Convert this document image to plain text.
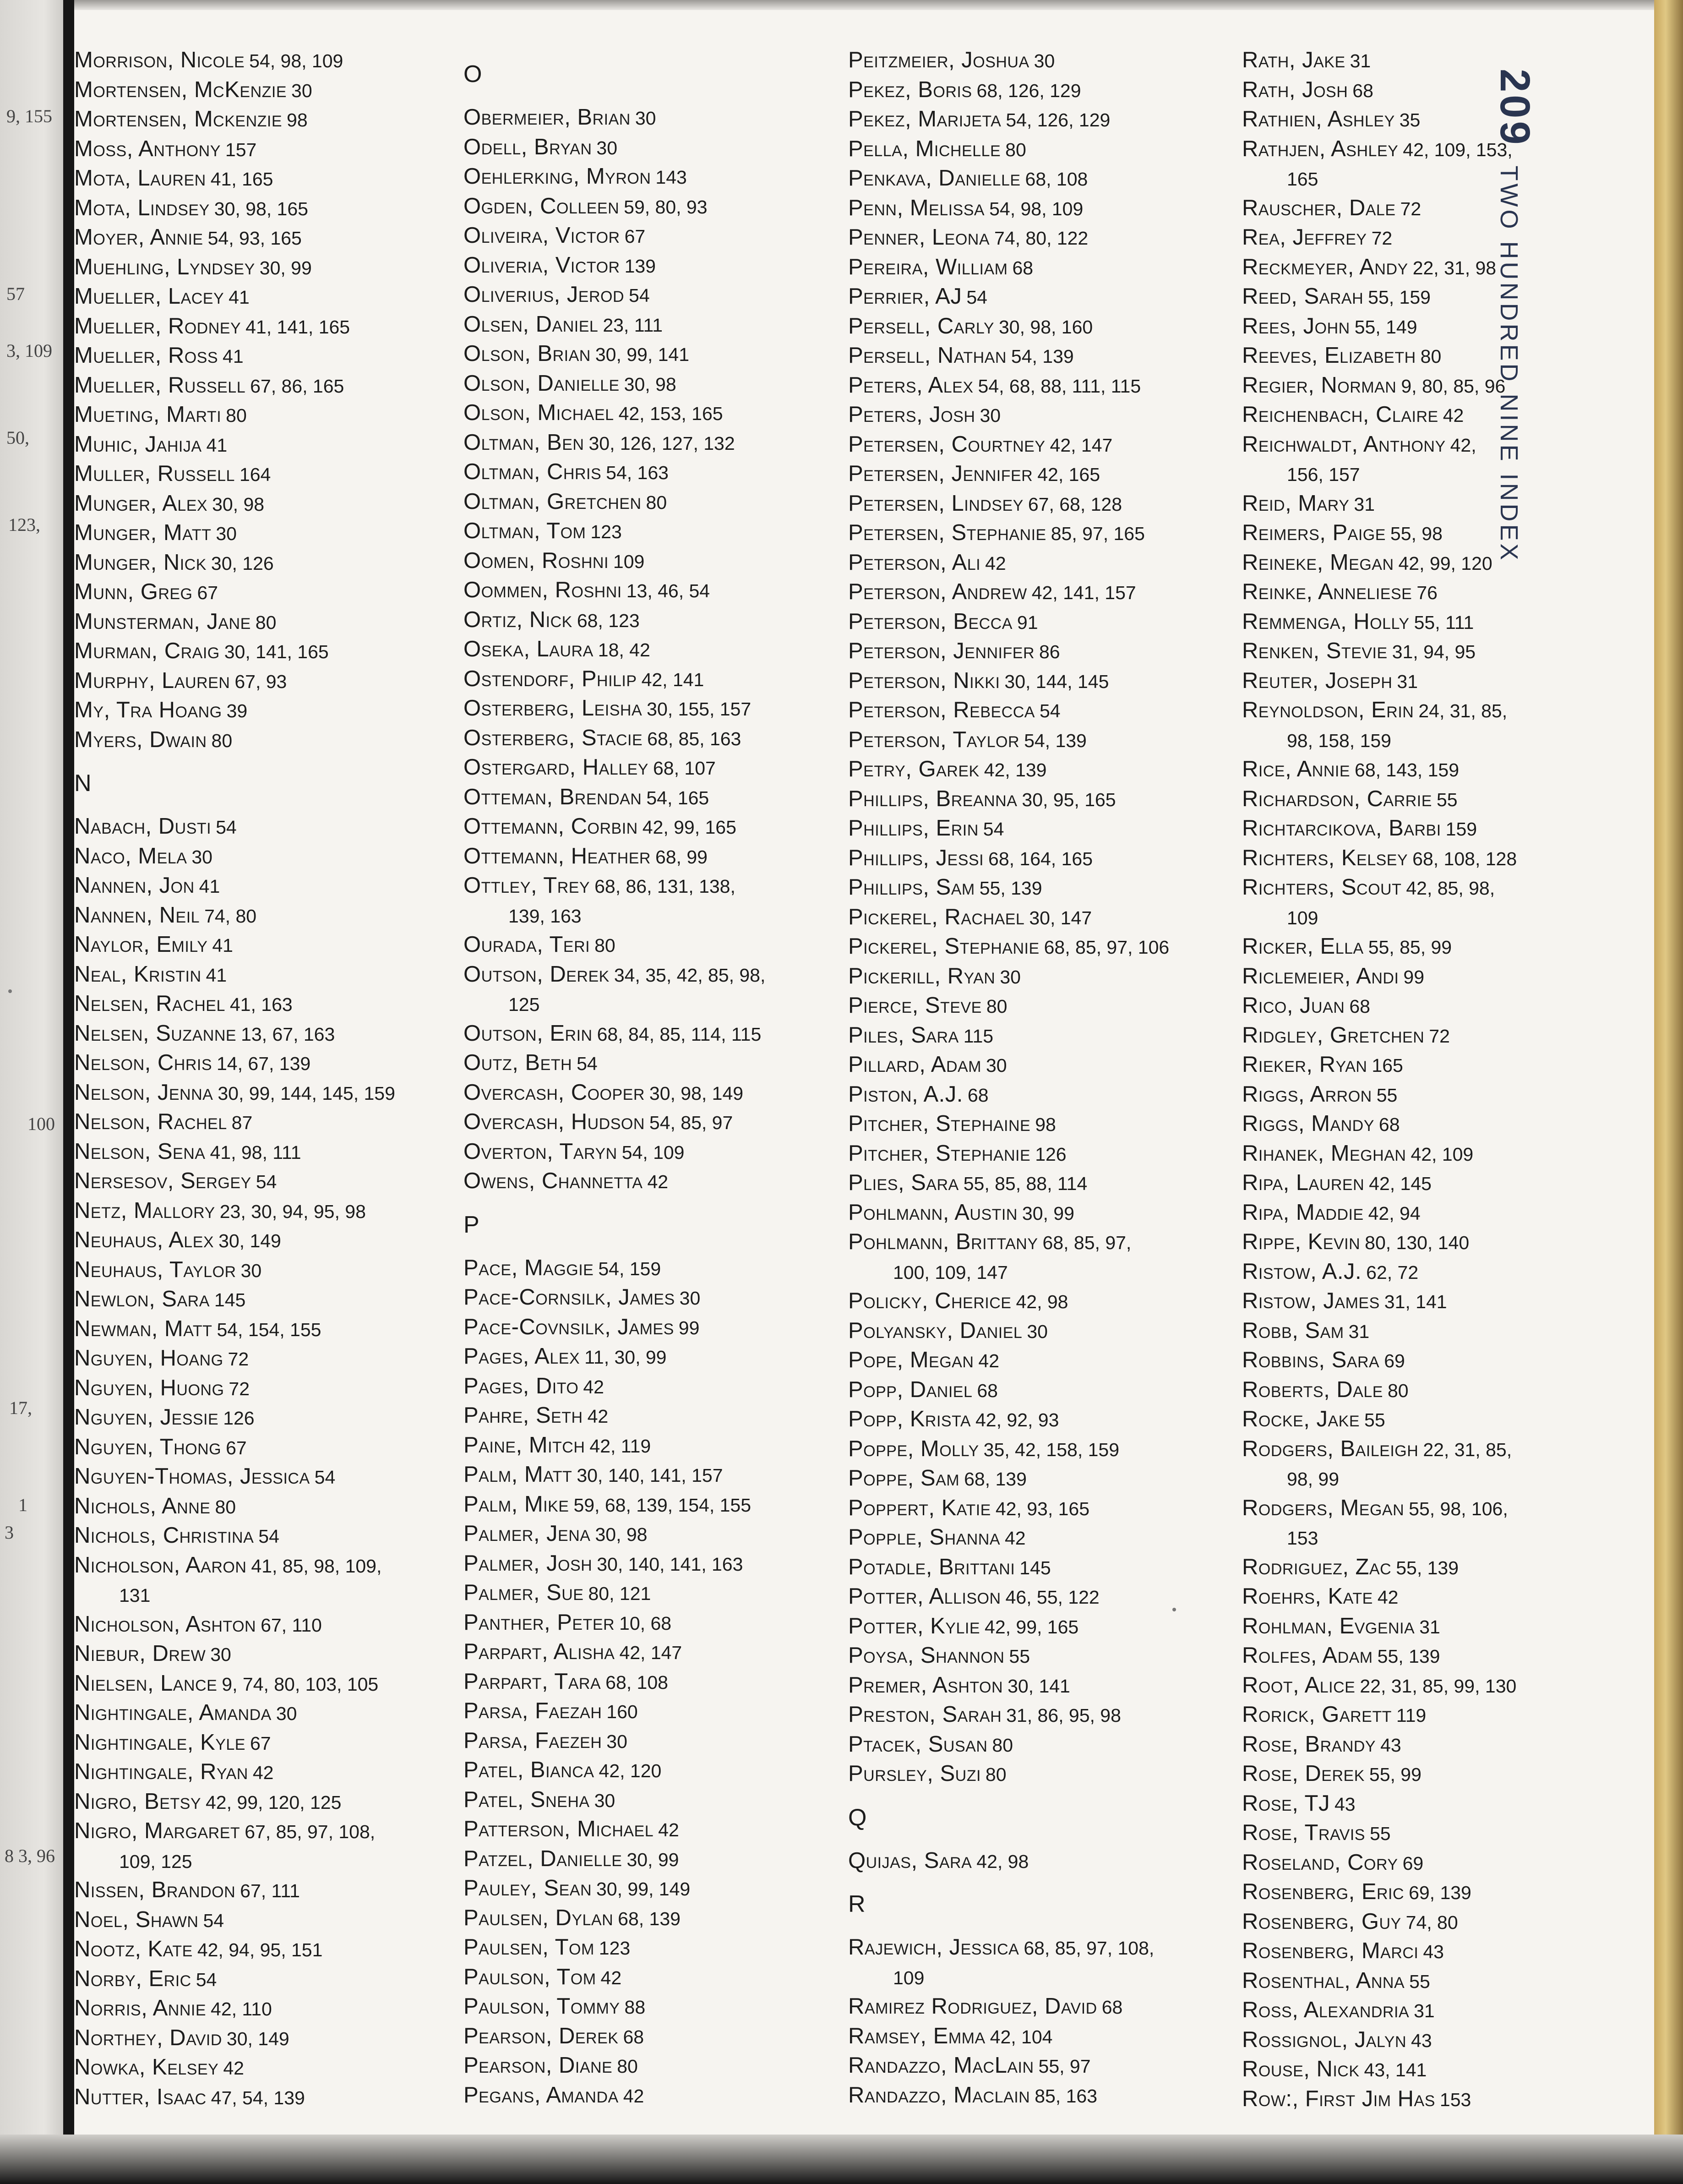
9, 155
57
3, 109
50,
123,
100
17,
1
3
8 3, 96
Morrison, Nicole 54, 98, 109
Mortensen, McKenzie 30
Mortensen, Mckenzie 98
Moss, Anthony 157
Mota, Lauren 41, 165
Mota, Lindsey 30, 98, 165
Moyer, Annie 54, 93, 165
Muehling, Lyndsey 30, 99
Mueller, Lacey 41
Mueller, Rodney 41, 141, 165
Mueller, Ross 41
Mueller, Russell 67, 86, 165
Mueting, Marti 80
Muhic, Jahija 41
Muller, Russell 164
Munger, Alex 30, 98
Munger, Matt 30
Munger, Nick 30, 126
Munn, Greg 67
Munsterman, Jane 80
Murman, Craig 30, 141, 165
Murphy, Lauren 67, 93
My, Tra Hoang 39
Myers, Dwain 80
N
Nabach, Dusti 54
Naco, Mela 30
Nannen, Jon 41
Nannen, Neil 74, 80
Naylor, Emily 41
Neal, Kristin 41
Nelsen, Rachel 41, 163
Nelsen, Suzanne 13, 67, 163
Nelson, Chris 14, 67, 139
Nelson, Jenna 30, 99, 144, 145, 159
Nelson, Rachel 87
Nelson, Sena 41, 98, 111
Nersesov, Sergey 54
Netz, Mallory 23, 30, 94, 95, 98
Neuhaus, Alex 30, 149
Neuhaus, Taylor 30
Newlon, Sara 145
Newman, Matt 54, 154, 155
Nguyen, Hoang 72
Nguyen, Huong 72
Nguyen, Jessie 126
Nguyen, Thong 67
Nguyen-Thomas, Jessica 54
Nichols, Anne 80
Nichols, Christina 54
Nicholson, Aaron 41, 85, 98, 109,
131
Nicholson, Ashton 67, 110
Niebur, Drew 30
Nielsen, Lance 9, 74, 80, 103, 105
Nightingale, Amanda 30
Nightingale, Kyle 67
Nightingale, Ryan 42
Nigro, Betsy 42, 99, 120, 125
Nigro, Margaret 67, 85, 97, 108,
109, 125
Nissen, Brandon 67, 111
Noel, Shawn 54
Nootz, Kate 42, 94, 95, 151
Norby, Eric 54
Norris, Annie 42, 110
Northey, David 30, 149
Nowka, Kelsey 42
Nutter, Isaac 47, 54, 139
O
Obermeier, Brian 30
Odell, Bryan 30
Oehlerking, Myron 143
Ogden, Colleen 59, 80, 93
Oliveira, Victor 67
Oliveria, Victor 139
Oliverius, Jerod 54
Olsen, Daniel 23, 111
Olson, Brian 30, 99, 141
Olson, Danielle 30, 98
Olson, Michael 42, 153, 165
Oltman, Ben 30, 126, 127, 132
Oltman, Chris 54, 163
Oltman, Gretchen 80
Oltman, Tom 123
Oomen, Roshni 109
Oommen, Roshni 13, 46, 54
Ortiz, Nick 68, 123
Oseka, Laura 18, 42
Ostendorf, Philip 42, 141
Osterberg, Leisha 30, 155, 157
Osterberg, Stacie 68, 85, 163
Ostergard, Halley 68, 107
Otteman, Brendan 54, 165
Ottemann, Corbin 42, 99, 165
Ottemann, Heather 68, 99
Ottley, Trey 68, 86, 131, 138,
139, 163
Ourada, Teri 80
Outson, Derek 34, 35, 42, 85, 98,
125
Outson, Erin 68, 84, 85, 114, 115
Outz, Beth 54
Overcash, Cooper 30, 98, 149
Overcash, Hudson 54, 85, 97
Overton, Taryn 54, 109
Owens, Channetta 42
P
Pace, Maggie 54, 159
Pace-Cornsilk, James 30
Pace-Covnsilk, James 99
Pages, Alex 11, 30, 99
Pages, Dito 42
Pahre, Seth 42
Paine, Mitch 42, 119
Palm, Matt 30, 140, 141, 157
Palm, Mike 59, 68, 139, 154, 155
Palmer, Jena 30, 98
Palmer, Josh 30, 140, 141, 163
Palmer, Sue 80, 121
Panther, Peter 10, 68
Parpart, Alisha 42, 147
Parpart, Tara 68, 108
Parsa, Faezah 160
Parsa, Faezeh 30
Patel, Bianca 42, 120
Patel, Sneha 30
Patterson, Michael 42
Patzel, Danielle 30, 99
Pauley, Sean 30, 99, 149
Paulsen, Dylan 68, 139
Paulsen, Tom 123
Paulson, Tom 42
Paulson, Tommy 88
Pearson, Derek 68
Pearson, Diane 80
Pegans, Amanda 42
Peitzmeier, Joshua 30
Pekez, Boris 68, 126, 129
Pekez, Marijeta 54, 126, 129
Pella, Michelle 80
Penkava, Danielle 68, 108
Penn, Melissa 54, 98, 109
Penner, Leona 74, 80, 122
Pereira, William 68
Perrier, AJ 54
Persell, Carly 30, 98, 160
Persell, Nathan 54, 139
Peters, Alex 54, 68, 88, 111, 115
Peters, Josh 30
Petersen, Courtney 42, 147
Petersen, Jennifer 42, 165
Petersen, Lindsey 67, 68, 128
Petersen, Stephanie 85, 97, 165
Peterson, Ali 42
Peterson, Andrew 42, 141, 157
Peterson, Becca 91
Peterson, Jennifer 86
Peterson, Nikki 30, 144, 145
Peterson, Rebecca 54
Peterson, Taylor 54, 139
Petry, Garek 42, 139
Phillips, Breanna 30, 95, 165
Phillips, Erin 54
Phillips, Jessi 68, 164, 165
Phillips, Sam 55, 139
Pickerel, Rachael 30, 147
Pickerel, Stephanie 68, 85, 97, 106
Pickerill, Ryan 30
Pierce, Steve 80
Piles, Sara 115
Pillard, Adam 30
Piston, A.J. 68
Pitcher, Stephaine 98
Pitcher, Stephanie 126
Plies, Sara 55, 85, 88, 114
Pohlmann, Austin 30, 99
Pohlmann, Brittany 68, 85, 97,
100, 109, 147
Policky, Cherice 42, 98
Polyansky, Daniel 30
Pope, Megan 42
Popp, Daniel 68
Popp, Krista 42, 92, 93
Poppe, Molly 35, 42, 158, 159
Poppe, Sam 68, 139
Poppert, Katie 42, 93, 165
Popple, Shanna 42
Potadle, Brittani 145
Potter, Allison 46, 55, 122
Potter, Kylie 42, 99, 165
Poysa, Shannon 55
Premer, Ashton 30, 141
Preston, Sarah 31, 86, 95, 98
Ptacek, Susan 80
Pursley, Suzi 80
Q
Quijas, Sara 42, 98
R
Rajewich, Jessica 68, 85, 97, 108,
109
Ramirez Rodriguez, David 68
Ramsey, Emma 42, 104
Randazzo, MacLain 55, 97
Randazzo, Maclain 85, 163
Rath, Jake 31
Rath, Josh 68
Rathien, Ashley 35
Rathjen, Ashley 42, 109, 153,
165
Rauscher, Dale 72
Rea, Jeffrey 72
Reckmeyer, Andy 22, 31, 98
Reed, Sarah 55, 159
Rees, John 55, 149
Reeves, Elizabeth 80
Regier, Norman 9, 80, 85, 96
Reichenbach, Claire 42
Reichwaldt, Anthony 42,
156, 157
Reid, Mary 31
Reimers, Paige 55, 98
Reineke, Megan 42, 99, 120
Reinke, Anneliese 76
Remmenga, Holly 55, 111
Renken, Stevie 31, 94, 95
Reuter, Joseph 31
Reynoldson, Erin 24, 31, 85,
98, 158, 159
Rice, Annie 68, 143, 159
Richardson, Carrie 55
Richtarcikova, Barbi 159
Richters, Kelsey 68, 108, 128
Richters, Scout 42, 85, 98,
109
Ricker, Ella 55, 85, 99
Riclemeier, Andi 99
Rico, Juan 68
Ridgley, Gretchen 72
Rieker, Ryan 165
Riggs, Arron 55
Riggs, Mandy 68
Rihanek, Meghan 42, 109
Ripa, Lauren 42, 145
Ripa, Maddie 42, 94
Rippe, Kevin 80, 130, 140
Ristow, A.J. 62, 72
Ristow, James 31, 141
Robb, Sam 31
Robbins, Sara 69
Roberts, Dale 80
Rocke, Jake 55
Rodgers, Baileigh 22, 31, 85,
98, 99
Rodgers, Megan 55, 98, 106,
153
Rodriguez, Zac 55, 139
Roehrs, Kate 42
Rohlman, Evgenia 31
Rolfes, Adam 55, 139
Root, Alice 22, 31, 85, 99, 130
Rorick, Garett 119
Rose, Brandy 43
Rose, Derek 55, 99
Rose, TJ 43
Rose, Travis 55
Roseland, Cory 69
Rosenberg, Eric 69, 139
Rosenberg, Guy 74, 80
Rosenberg, Marci 43
Rosenthal, Anna 55
Ross, Alexandria 31
Rossignol, Jalyn 43
Rouse, Nick 43, 141
Row:, First Jim Has 153
209TWO HUNDRED NINE INDEX
